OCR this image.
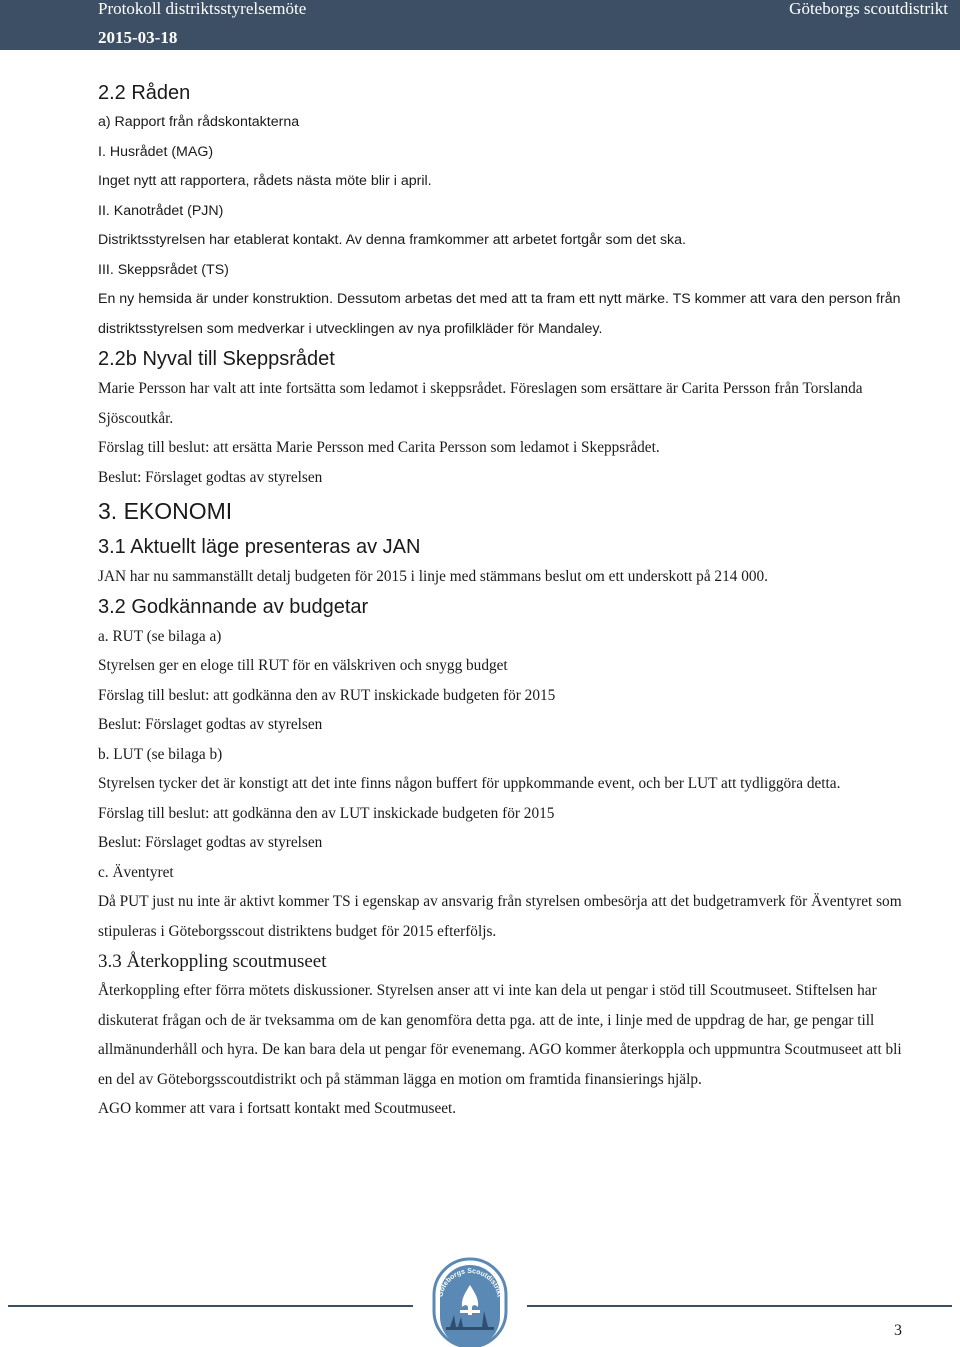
Protokoll distriktsstyrelsemöte
2015-03-18
Göteborgs scoutdistrikt
2.2 Råden

a) Rapport från rådskontakterna

I. Husrådet (MAG)

Inget nytt att rapportera, rådets nästa möte blir i april.

II. Kanotrådet (PJN)

Distriktsstyrelsen har etablerat kontakt. Av denna framkommer att arbetet fortgår som det ska.

III. Skeppsrådet (TS)

En ny hemsida är under konstruktion. Dessutom arbetas det med att ta fram ett nytt märke. TS kommer att vara den person från distriktsstyrelsen som medverkar i utvecklingen av nya profilkläder för Mandaley.

2.2b Nyval till Skeppsrådet

Marie Persson har valt att inte fortsätta som ledamot i skeppsrådet. Föreslagen som ersättare är Carita Persson från Torslanda Sjöscoutkår.

Förslag till beslut: att ersätta Marie Persson med Carita Persson som ledamot i Skeppsrådet.

Beslut: Förslaget godtas av styrelsen

3. EKONOMI
3.1 Aktuellt läge presenteras av JAN

JAN har nu sammanställt detalj budgeten för 2015 i linje med stämmans beslut om ett underskott på 214 000.

3.2 Godkännande av budgetar

a. RUT (se bilaga a)

Styrelsen ger en eloge till RUT för en välskriven och snygg budget

Förslag till beslut: att godkänna den av RUT inskickade budgeten för 2015

Beslut: Förslaget godtas av styrelsen

b. LUT (se bilaga b)

Styrelsen tycker det är konstigt att det inte finns någon buffert för uppkommande event, och ber LUT att tydliggöra detta.

Förslag till beslut: att godkänna den av LUT inskickade budgeten för 2015

Beslut: Förslaget godtas av styrelsen

c. Äventyret

Då PUT just nu inte är aktivt kommer TS i egenskap av ansvarig från styrelsen ombesörja att det budgetramverk för Äventyret som stipuleras i Göteborgsscout distriktens budget för 2015 efterföljs.

3.3 Återkoppling scoutmuseet

Återkoppling efter förra mötets diskussioner. Styrelsen anser att vi inte kan dela ut pengar i stöd till Scoutmuseet. Stiftelsen har diskuterat frågan och de är tveksamma om de kan genomföra detta pga. att de inte, i linje med de uppdrag de har, ge pengar till allmänunderhåll och hyra. De kan bara dela ut pengar för evenemang. AGO kommer återkoppla och uppmuntra Scoutmuseet att bli en del av Göteborgsscoutdistrikt och på stämman lägga en motion om framtida finansierings hjälp.

AGO kommer att vara i fortsatt kontakt med Scoutmuseet.

Göteborgs Scoutdistrikt
3
